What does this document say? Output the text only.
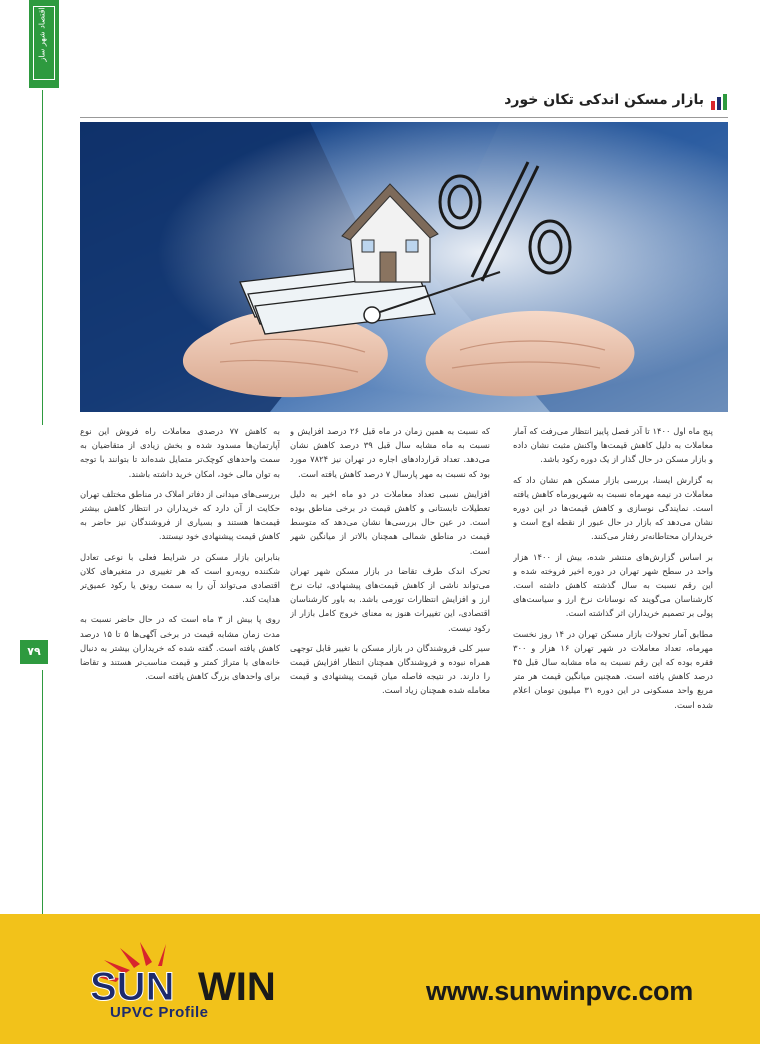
اقتصاد شهر ساز
۷۹
بازار مسکن اندکی تکان خورد

پنج ماه اول ۱۴۰۰ تا آذر فصل پاییز انتظار می‌رفت که آمار معاملات به دلیل کاهش قیمت‌ها واکنش مثبت نشان داده و بازار مسکن در حال گذار از یک دوره رکود باشد.

به گزارش ایسنا، بررسی بازار مسکن هم نشان داد که معاملات در نیمه مهرماه نسبت به شهریورماه کاهش یافته است. نمایندگی نوسازی و کاهش قیمت‌ها در این دوره نشان می‌دهد که بازار در حال عبور از نقطه اوج است و خریداران محتاطانه‌تر رفتار می‌کنند.

بر اساس گزارش‌های منتشر شده، بیش از ۱۴۰۰ هزار واحد در سطح شهر تهران در دوره اخیر فروخته شده و این رقم نسبت به سال گذشته کاهش داشته است. کارشناسان می‌گویند که نوسانات نرخ ارز و سیاست‌های پولی بر تصمیم خریداران اثر گذاشته است.

مطابق آمار تحولات بازار مسکن تهران در ۱۴ روز نخست مهرماه، تعداد معاملات در شهر تهران ۱۶ هزار و ۳۰۰ فقره بوده که این رقم نسبت به ماه مشابه سال قبل ۴۵ درصد کاهش یافته است. همچنین میانگین قیمت هر متر مربع واحد مسکونی در این دوره ۳۱ میلیون تومان اعلام شده است.

که نسبت به همین زمان در ماه قبل ۲۶ درصد افزایش و نسبت به ماه مشابه سال قبل ۳۹ درصد کاهش نشان می‌دهد. تعداد قراردادهای اجاره در تهران نیز ۷۸۲۴ مورد بود که نسبت به مهر پارسال ۷ درصد کاهش یافته است.

افزایش نسبی تعداد معاملات در دو ماه اخیر به دلیل تعطیلات تابستانی و کاهش قیمت در برخی مناطق بوده است. در عین حال بررسی‌ها نشان می‌دهد که متوسط قیمت در مناطق شمالی همچنان بالاتر از میانگین شهر است.

تحرک اندک طرف تقاضا در بازار مسکن شهر تهران می‌تواند ناشی از کاهش قیمت‌های پیشنهادی، ثبات نرخ ارز و افزایش انتظارات تورمی باشد. به باور کارشناسان اقتصادی، این تغییرات هنوز به معنای خروج کامل بازار از رکود نیست.

سیر کلی فروشندگان در بازار مسکن با تغییر قابل توجهی همراه نبوده و فروشندگان همچنان انتظار افزایش قیمت را دارند. در نتیجه فاصله میان قیمت پیشنهادی و قیمت معامله شده همچنان زیاد است.

به کاهش ۷۷ درصدی معاملات راه فروش این نوع آپارتمان‌ها مسدود شده و بخش زیادی از متقاضیان به سمت واحدهای کوچک‌تر متمایل شده‌اند تا بتوانند با توجه به توان مالی خود، امکان خرید داشته باشند.

بررسی‌های میدانی از دفاتر املاک در مناطق مختلف تهران حکایت از آن دارد که خریداران در انتظار کاهش بیشتر قیمت‌ها هستند و بسیاری از فروشندگان نیز حاضر به کاهش قیمت پیشنهادی خود نیستند.

بنابراین بازار مسکن در شرایط فعلی با نوعی تعادل شکننده روبه‌رو است که هر تغییری در متغیرهای کلان اقتصادی می‌تواند آن را به سمت رونق یا رکود عمیق‌تر هدایت کند.

روی پا بیش از ۳ ماه است که در حال حاضر نسبت به مدت زمان مشابه قیمت در برخی آگهی‌ها ۵ تا ۱۵ درصد کاهش یافته است. گفته شده که خریداران بیشتر به دنبال خانه‌های با متراژ کمتر و قیمت مناسب‌تر هستند و تقاضا برای واحدهای بزرگ کاهش یافته است.

SUN WIN
UPVC Profile
www.sunwinpvc.com
